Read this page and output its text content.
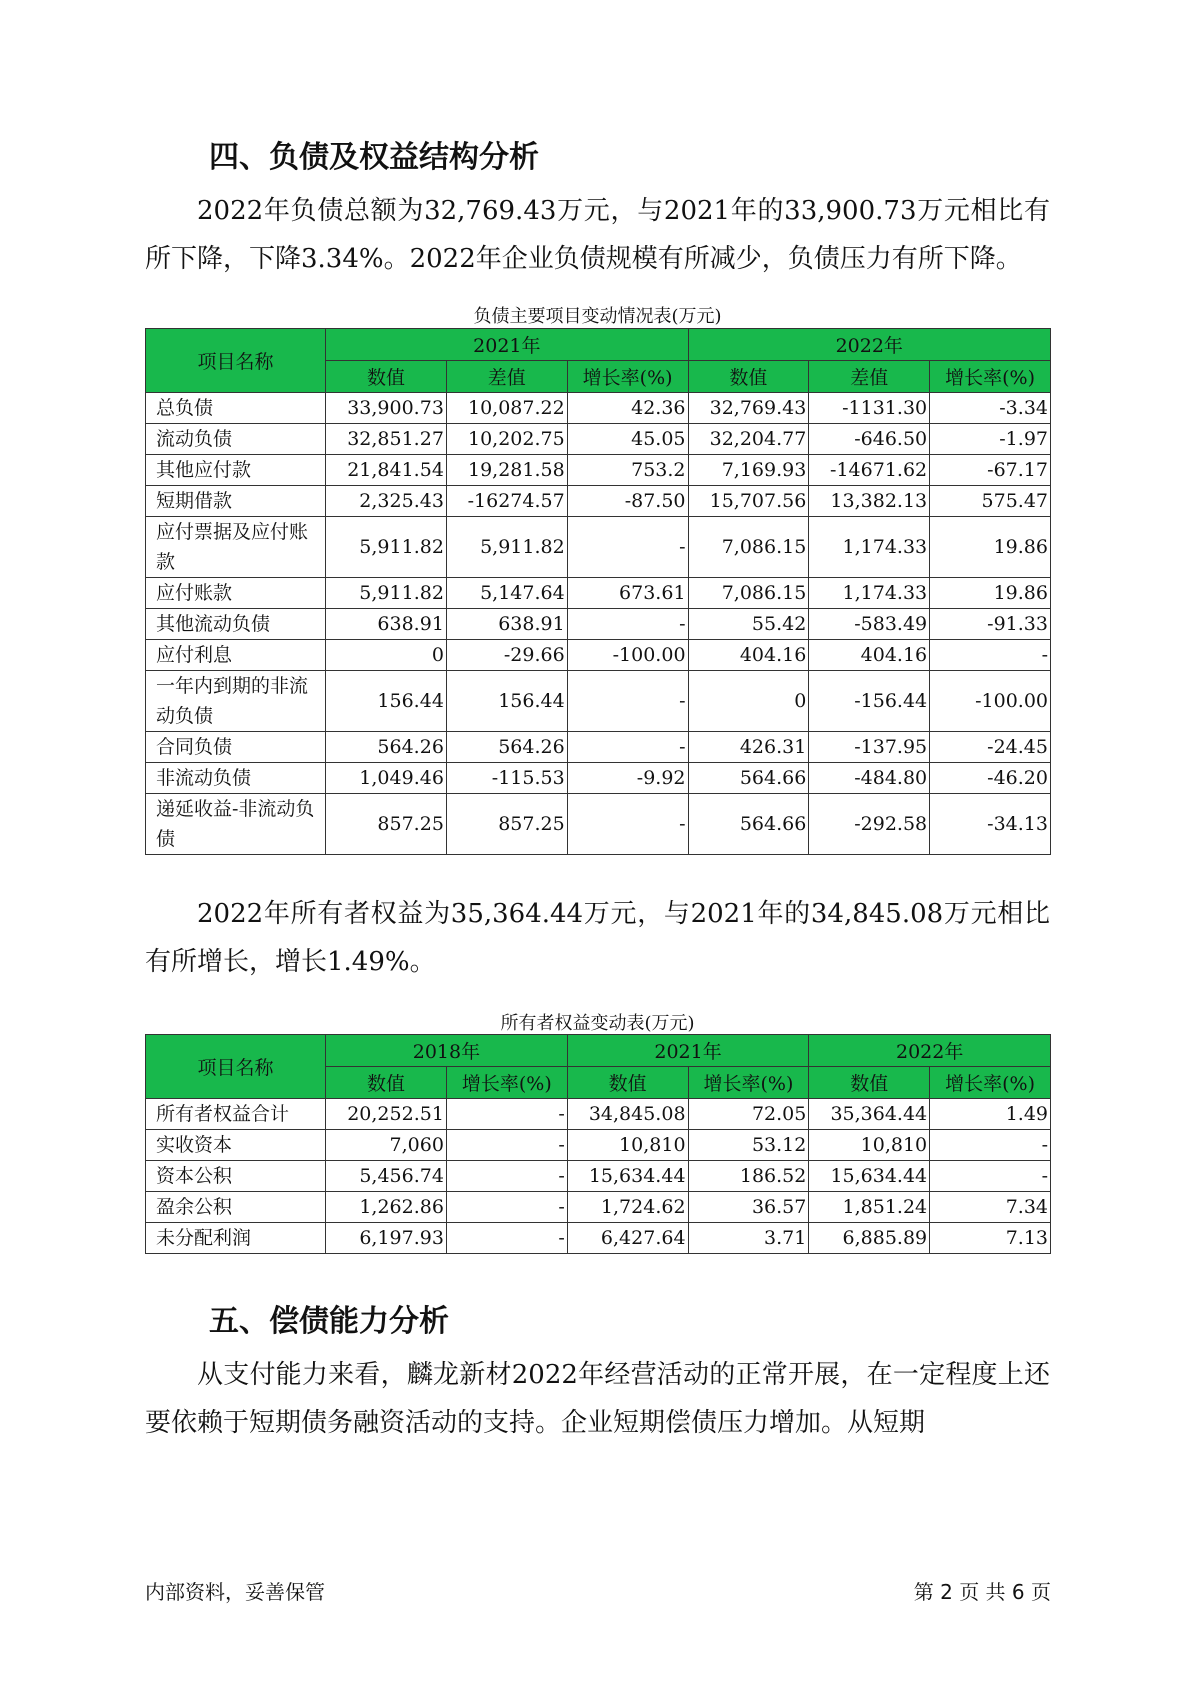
四、负债及权益结构分析

2022年负债总额为32,769.43万元，与2021年的33,900.73万元相比有所下降，下降3.34%。2022年企业负债规模有所减少，负债压力有所下降。

负债主要项目变动情况表(万元)
项目名称	2021年			2022年		
	数值	差值	增长率(%)	数值	差值	增长率(%)
总负债	33,900.73	10,087.22	42.36	32,769.43	-1131.30	-3.34
流动负债	32,851.27	10,202.75	45.05	32,204.77	-646.50	-1.97
其他应付款	21,841.54	19,281.58	753.2	7,169.93	-14671.62	-67.17
短期借款	2,325.43	-16274.57	-87.50	15,707.56	13,382.13	575.47
应付票据及应付账款	5,911.82	5,911.82	-	7,086.15	1,174.33	19.86
应付账款	5,911.82	5,147.64	673.61	7,086.15	1,174.33	19.86
其他流动负债	638.91	638.91	-	55.42	-583.49	-91.33
应付利息	0	-29.66	-100.00	404.16	404.16	-
一年内到期的非流动负债	156.44	156.44	-	0	-156.44	-100.00
合同负债	564.26	564.26	-	426.31	-137.95	-24.45
非流动负债	1,049.46	-115.53	-9.92	564.66	-484.80	-46.20
递延收益-非流动负债	857.25	857.25	-	564.66	-292.58	-34.13

2022年所有者权益为35,364.44万元，与2021年的34,845.08万元相比有所增长，增长1.49%。

所有者权益变动表(万元)
项目名称	2018年		2021年		2022年	
	数值	增长率(%)	数值	增长率(%)	数值	增长率(%)
所有者权益合计	20,252.51	-	34,845.08	72.05	35,364.44	1.49
实收资本	7,060	-	10,810	53.12	10,810	-
资本公积	5,456.74	-	15,634.44	186.52	15,634.44	-
盈余公积	1,262.86	-	1,724.62	36.57	1,851.24	7.34
未分配利润	6,197.93	-	6,427.64	3.71	6,885.89	7.13
五、偿债能力分析

从支付能力来看，麟龙新材2022年经营活动的正常开展，在一定程度上还要依赖于短期债务融资活动的支持。企业短期偿债压力增加。从短期

内部资料，妥善保管	第 2 页 共 6 页
